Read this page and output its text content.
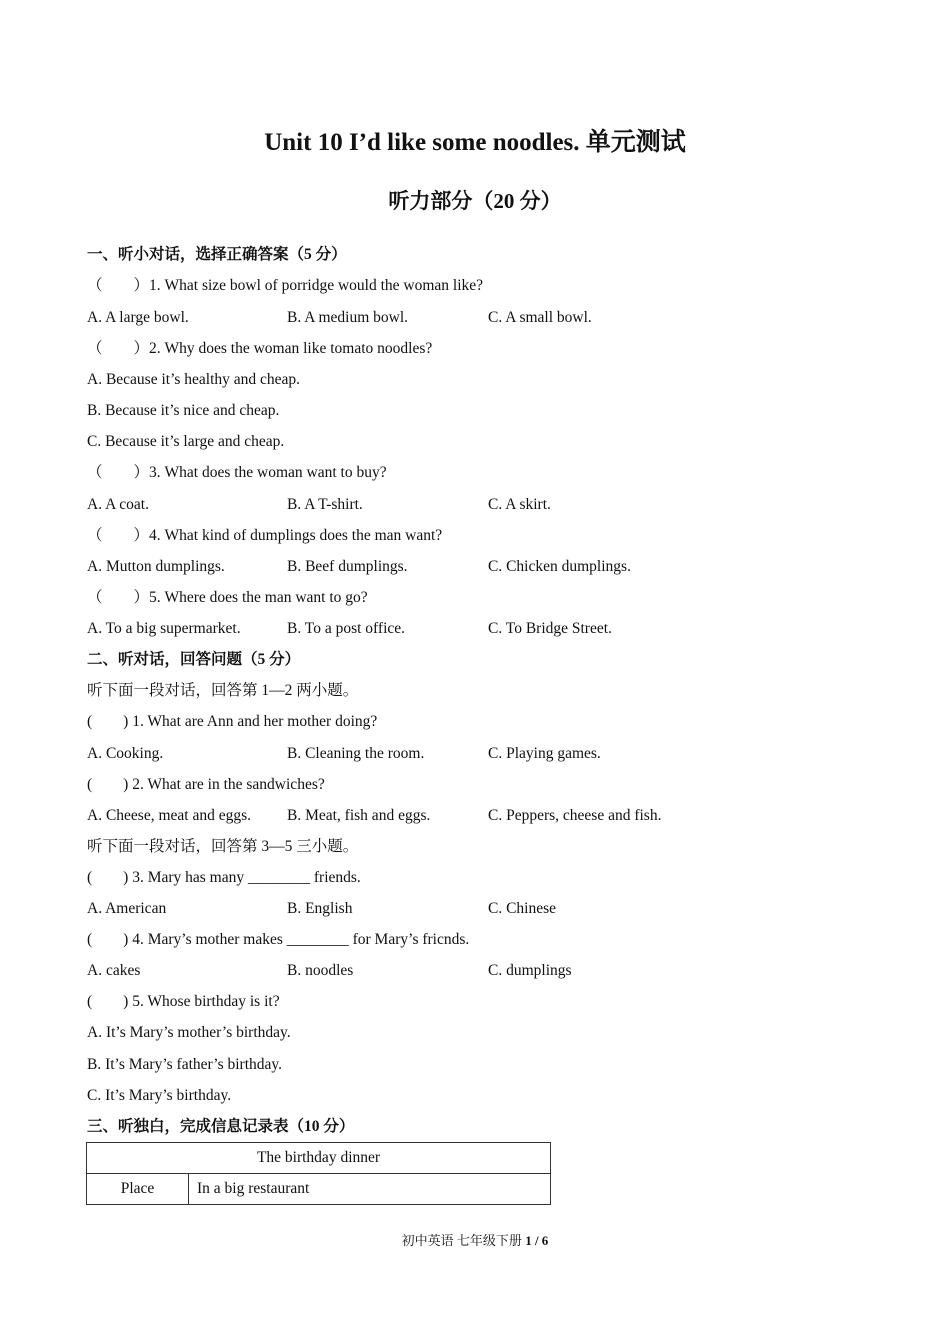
Unit 10 I’d like some noodles. 单元测试
听力部分（20 分）
一、听小对话，选择正确答案（5 分）
（　　）1. What size bowl of porridge would the woman like?
A. A large bowl.	B. A medium bowl.	C. A small bowl.
（　　）2. Why does the woman like tomato noodles?
A. Because it’s healthy and cheap.
B. Because it’s nice and cheap.
C. Because it’s large and cheap.
（　　）3. What does the woman want to buy?
A. A coat.	B. A T-shirt.	C. A skirt.
（　　）4. What kind of dumplings does the man want?
A. Mutton dumplings.	B. Beef dumplings.	C. Chicken dumplings.
（　　）5. Where does the man want to go?
A. To a big supermarket.	B. To a post office.	C. To Bridge Street.
二、听对话，回答问题（5 分）
听下面一段对话，回答第 1—2 两小题。
(　　) 1. What are Ann and her mother doing?
A. Cooking.	B. Cleaning the room.	C. Playing games.
(　　) 2. What are in the sandwiches?
A. Cheese, meat and eggs. B. Meat, fish and eggs.	C. Peppers, cheese and fish.
听下面一段对话，回答第 3—5 三小题。
(　　) 3. Mary has many ________ friends.
A. American	B. English	C. Chinese
(　　) 4. Mary’s mother makes ________ for Mary’s fricnds.
A. cakes	B. noodles	C. dumplings
(　　) 5. Whose birthday is it?
A. It’s Mary’s mother’s birthday.
B. It’s Mary’s father’s birthday.
C. It’s Mary’s birthday.
三、听独白，完成信息记录表（10 分）
The birthday dinner
Place	In a big restaurant
初中英语 七年级下册 1 / 6
